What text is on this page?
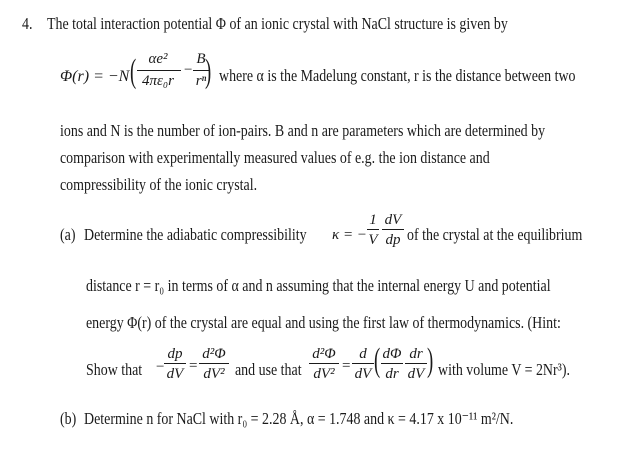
4. The total interaction potential Φ of an ionic crystal with NaCl structure is given by
Φ(r) = −N ( αe²
4πε₀r
−
B
rⁿ
) where α is the Madelung constant, r is the distance between two
ions and N is the number of ion-pairs. B and n are parameters which are determined by
comparison with experimentally measured values of e.g. the ion distance and
compressibility of the ionic crystal.
(a) Determine the adiabatic compressibility κ = −
1
V
dV
dp of the crystal at the equilibrium
distance r = r₀ in terms of α and n assuming that the internal energy U and potential
energy Φ(r) of the crystal are equal and using the first law of thermodynamics. (Hint:
Show that −
dp
dV =
d²Φ
dV² and use that
d²Φ
dV² =
d
dV ( dΦ
dr
dr
dV ) with volume V = 2Nr³).
(b) Determine n for NaCl with r₀ = 2.28 Å, α = 1.748 and κ = 4.17 x 10⁻¹¹ m²/N.
